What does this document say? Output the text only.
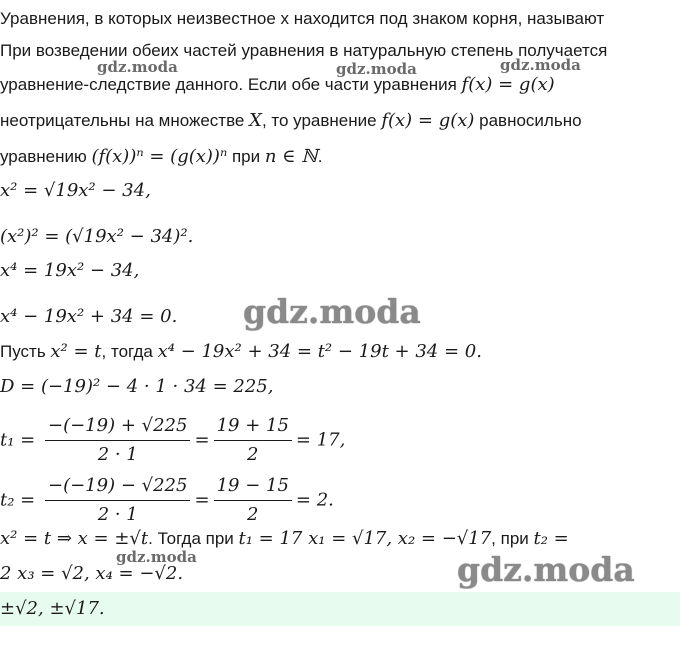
Уравнения, в которых неизвестное x находится под знаком корня, называют
При возведении обеих частей уравнения в натуральную степень получается
уравнение-следствие данного. Если обе части уравнения f(x) = g(x)
неотрицательны на множестве X, то уравнение f(x) = g(x) равносильно
уравнению (f(x))ⁿ = (g(x))ⁿ при n ∈ ℕ.
x² = √19x² − 34,
(x²)² = (√19x² − 34)².
x⁴ = 19x² − 34,
x⁴ − 19x² + 34 = 0.
Пусть x² = t, тогда x⁴ − 19x² + 34 = t² − 19t + 34 = 0.
D = (−19)² − 4 · 1 · 34 = 225,
$t_1 = \frac{-(-19) + √225}{2 \cdot 1} = \frac{19 + 15}{2} = 17$,
$t_2 = \frac{-(-19) - √225}{2 \cdot 1} = \frac{19 - 15}{2} = 2$.
x² = t ⇒ x = ±√t. Тогда при t₁ = 17 x₁ = √17, x₂ = −√17, при t₂ =
2 x₃ = √2, x₄ = −√2.
±√2, ±√17.
gdz.moda	gdz.moda	gdz.moda
gdz.moda
gdz.moda
gdz.moda
